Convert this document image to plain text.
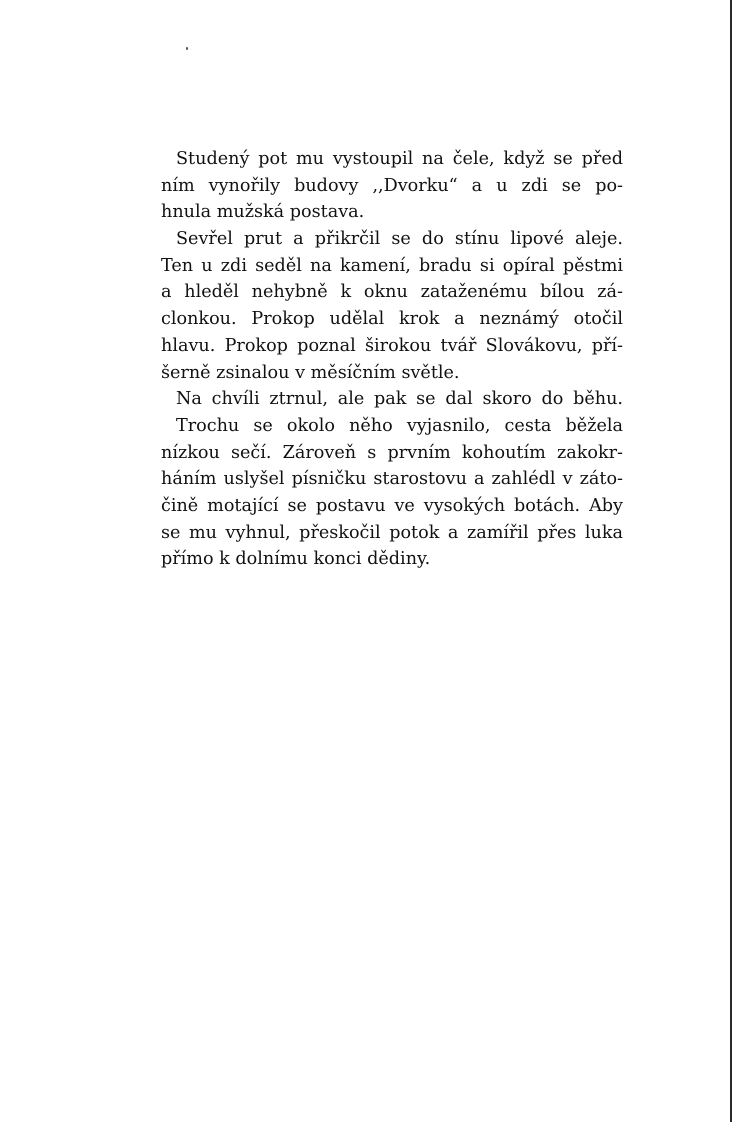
Studený pot mu vystoupil na čele, když se před
ním vynořily budovy ,,Dvorku“ a u zdi se po-
hnula mužská postava.
Sevřel prut a přikrčil se do stínu lipové aleje.
Ten u zdi seděl na kamení, bradu si opíral pěstmi
a hleděl nehybně k oknu zataženému bílou zá-
clonkou. Prokop udělal krok a neznámý otočil
hlavu. Prokop poznal širokou tvář Slovákovu, pří-
šerně zsinalou v měsíčním světle.
Na chvíli ztrnul, ale pak se dal skoro do běhu.
Trochu se okolo něho vyjasnilo, cesta běžela
nízkou sečí. Zároveň s prvním kohoutím zakokr-
háním uslyšel písničku starostovu a zahlédl v záto-
čině motající se postavu ve vysokých botách. Aby
se mu vyhnul, přeskočil potok a zamířil přes luka
přímo k dolnímu konci dědiny.
